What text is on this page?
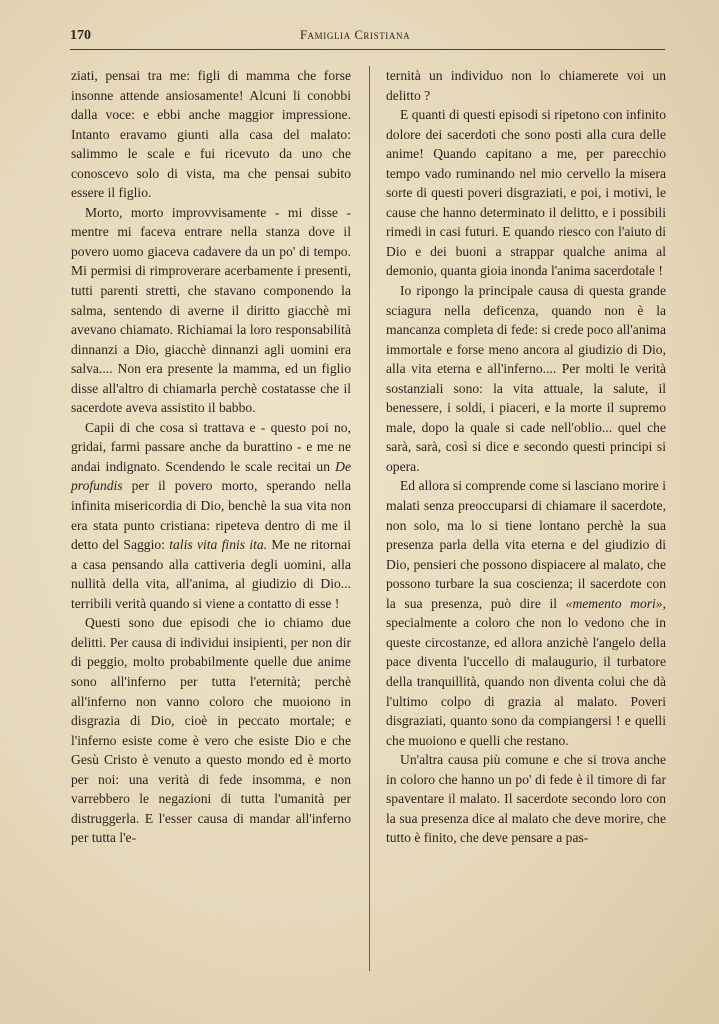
170	Famiglia Cristiana

ziati, pensai tra me: figli di mamma che forse insonne attende ansiosamente! Alcuni li conobbi dalla voce: e ebbi anche maggior impressione. Intanto eravamo giunti alla casa del malato: salimmo le scale e fui ricevuto da uno che conoscevo solo di vista, ma che pensai subito essere il figlio.

Morto, morto improvvisamente - mi disse - mentre mi faceva entrare nella stanza dove il povero uomo giaceva cadavere da un po' di tempo. Mi permisi di rimproverare acerbamente i presenti, tutti parenti stretti, che stavano componendo la salma, sentendo di averne il diritto giacchè mi avevano chiamato. Richiamai la loro responsabilità dinnanzi a Dio, giacchè dinnanzi agli uomini era salva.... Non era presente la mamma, ed un figlio disse all'altro di chiamarla perchè costatasse che il sacerdote aveva assistito il babbo.

Capii di che cosa si trattava e - questo poi no, gridai, farmi passare anche da burattino - e me ne andai indignato. Scendendo le scale recitai un De profundis per il povero morto, sperando nella infinita misericordia di Dio, benchè la sua vita non era stata punto cristiana: ripeteva dentro di me il detto del Saggio: talis vita finis ita. Me ne ritornai a casa pensando alla cattiveria degli uomini, alla nullità della vita, all'anima, al giudizio di Dio... terribili verità quando si viene a contatto di esse !

Questi sono due episodi che io chiamo due delitti. Per causa di individui insipienti, per non dir di peggio, molto probabilmente quelle due anime sono all'inferno per tutta l'eternità; perchè all'inferno non vanno coloro che muoiono in disgrazia di Dio, cioè in peccato mortale; e l'inferno esiste come è vero che esiste Dio e che Gesù Cristo è venuto a questo mondo ed è morto per noi: una verità di fede insomma, e non varrebbero le negazioni di tutta l'umanità per distruggerla. E l'esser causa di mandar all'inferno per tutta l'e-

ternità un individuo non lo chiamerete voi un delitto ?

E quanti di questi episodi si ripetono con infinito dolore dei sacerdoti che sono posti alla cura delle anime! Quando capitano a me, per parecchio tempo vado ruminando nel mio cervello la misera sorte di questi poveri disgraziati, e poi, i motivi, le cause che hanno determinato il delitto, e i possibili rimedi in casi futuri. E quando riesco con l'aiuto di Dio e dei buoni a strappar qualche anima al demonio, quanta gioia inonda l'anima sacerdotale !

Io ripongo la principale causa di questa grande sciagura nella deficenza, quando non è la mancanza completa di fede: si crede poco all'anima immortale e forse meno ancora al giudizio di Dio, alla vita eterna e all'inferno.... Per molti le verità sostanziali sono: la vita attuale, la salute, il benessere, i soldi, i piaceri, e la morte il supremo male, dopo la quale si cade nell'oblio... quel che sarà, sarà, così si dice e secondo questi principi si opera.

Ed allora si comprende come si lasciano morire i malati senza preoccuparsi di chiamare il sacerdote, non solo, ma lo si tiene lontano perchè la sua presenza parla della vita eterna e del giudizio di Dio, pensieri che possono dispiacere al malato, che possono turbare la sua coscienza; il sacerdote con la sua presenza, può dire il «memento mori», specialmente a coloro che non lo vedono che in queste circostanze, ed allora anzichè l'angelo della pace diventa l'uccello di malaugurio, il turbatore della tranquillità, quando non diventa colui che dà l'ultimo colpo di grazia al malato. Poveri disgraziati, quanto sono da compiangersi ! e quelli che muoiono e quelli che restano.

Un'altra causa più comune e che si trova anche in coloro che hanno un po' di fede è il timore di far spaventare il malato. Il sacerdote secondo loro con la sua presenza dice al malato che deve morire, che tutto è finito, che deve pensare a pas-
